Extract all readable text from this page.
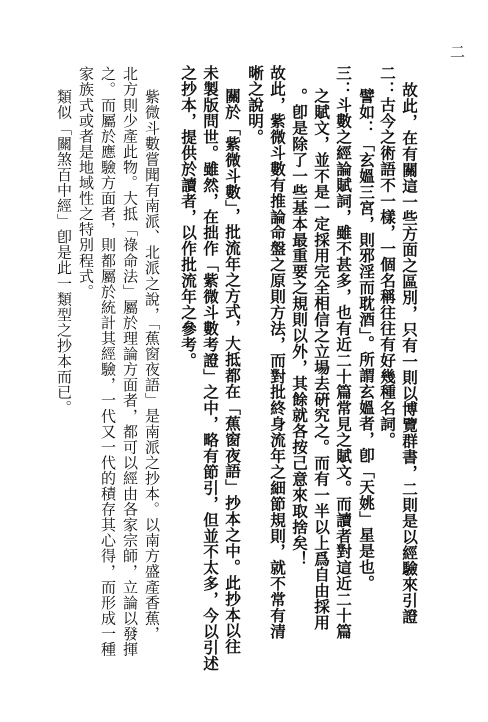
二
故此，在有關這一些方面之區別，只有一則以博覽群書，二則是以經驗來引證
二：古今之術語不一樣，一個名稱往往有好幾種名詞。
譬如：「玄媼三宮，則邪淫而耽酒」。所謂玄媼者，卽「天姚」星是也。
三：斗數之經論賦詞，雖不甚多，也有近二十篇常見之賦文。而讀者對這近二十篇
之賦文，並不是一定採用完全相信之立場去硏究之。而有一半以上爲自由採用
。卽是除了一些基本最重要之規則以外，其餘就各按己意來取捨矣！
故此，紫微斗數有推論命盤之原則方法，而對批終身流年之細節規則，就不常有清
晰之說明。
關於「紫微斗數」，批流年之方式，大抵都在「蕉窗夜語」抄本之中。此抄本以往
未製版問世。雖然，在拙作「紫微斗數考證」之中，略有節引，但並不太多，今以引述
之抄本，提供於讀者，以作批流年之參考。
紫微斗數嘗聞有南派、北派之說，「蕉窗夜語」是南派之抄本。以南方盛產香蕉，
北方則少產此物。大抵「祿命法」屬於理論方面者，都可以經由各家宗師，立論以發揮
之。而屬於應驗方面者，則都屬於統計其經驗，一代又一代的積存其心得，而形成一種
家族式或者是地域性之特別程式。
類似「關煞百中經」卽是此一類型之抄本而已。
